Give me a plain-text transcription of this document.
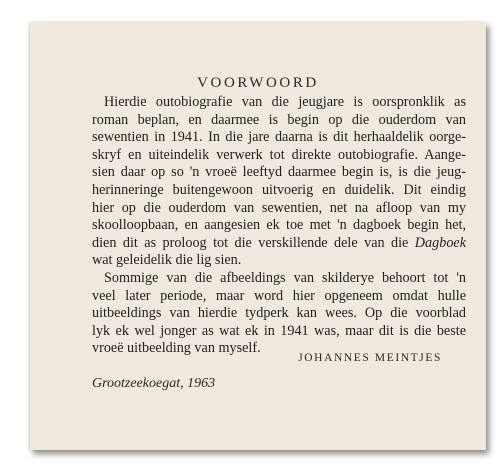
VOORWOORD
Hierdie outobiografie van die jeugjare is oorspronklik as
roman beplan, en daarmee is begin op die ouderdom van
sewentien in 1941. In die jare daarna is dit herhaaldelik oorge-
skryf en uiteindelik verwerk tot direkte outobiografie. Aange-
sien daar op so 'n vroeë leeftyd daarmee begin is, is die jeug-
herinneringe buitengewoon uitvoerig en duidelik. Dit eindig
hier op die ouderdom van sewentien, net na afloop van my
skoolloopbaan, en aangesien ek toe met 'n dagboek begin het,
dien dit as proloog tot die verskillende dele van die Dagboek
wat geleidelik die lig sien.
Sommige van die afbeeldings van skilderye behoort tot 'n
veel later periode, maar word hier opgeneem omdat hulle
uitbeeldings van hierdie tydperk kan wees. Op die voorblad
lyk ek wel jonger as wat ek in 1941 was, maar dit is die beste
vroeë uitbeelding van myself.
JOHANNES MEINTJES
Grootzeekoegat, 1963
